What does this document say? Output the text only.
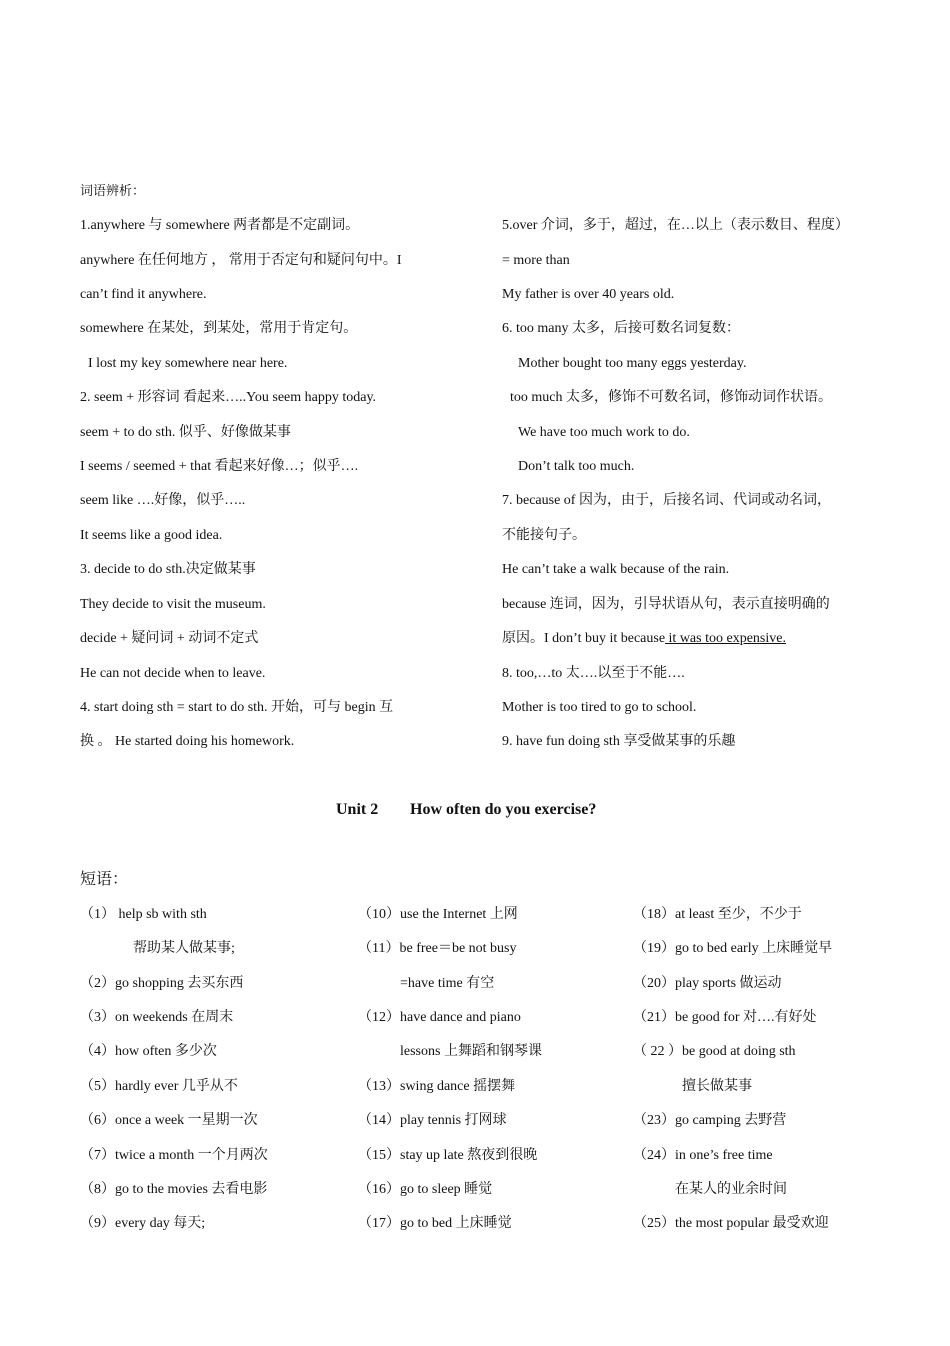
词语辨析：
1.anywhere 与 somewhere 两者都是不定副词。
anywhere 在任何地方 ， 常用于否定句和疑问句中。I
can’t find it anywhere.
somewhere 在某处，到某处，常用于肯定句。
I lost my key somewhere near here.
2. seem + 形容词 看起来…..You seem happy today.
seem + to do sth. 似乎、好像做某事
I seems / seemed + that 看起来好像…；似乎….
seem like ….好像，似乎…..
It seems like a good idea.
3. decide to do sth.决定做某事
They decide to visit the museum.
decide + 疑问词 + 动词不定式
He can not decide when to leave.
4. start doing sth = start to do sth. 开始，可与 begin 互
换 。 He started doing his homework.
5.over 介词，多于，超过，在…以上（表示数目、程度）
= more than
My father is over 40 years old.
6. too many 太多，后接可数名词复数：
Mother bought too many eggs yesterday.
too much 太多，修饰不可数名词，修饰动词作状语。
We have too much work to do.
Don’t talk too much.
7. because of 因为，由于，后接名词、代词或动名词，
不能接句子。
He can’t take a walk because of the rain.
because 连词，因为，引导状语从句，表示直接明确的
原因。I don’t buy it because it was too expensive.
8. too,…to 太….以至于不能….
Mother is too tired to go to school.
9. have fun doing sth 享受做某事的乐趣
Unit 2 How often do you exercise?
短语：
（1） help sb with sth
帮助某人做某事;
（2）go shopping 去买东西
（3）on weekends 在周末
（4）how often 多少次
（5）hardly ever 几乎从不
（6）once a week 一星期一次
（7）twice a month 一个月两次
（8）go to the movies 去看电影
（9）every day 每天;
（10）use the Internet 上网
（11）be free＝be not busy
=have time 有空
（12）have dance and piano
lessons 上舞蹈和钢琴课
（13）swing dance 摇摆舞
（14）play tennis 打网球
（15）stay up late 熬夜到很晚
（16）go to sleep 睡觉
（17）go to bed 上床睡觉
（18）at least 至少，不少于
（19）go to bed early 上床睡觉早
（20）play sports 做运动
（21）be good for 对….有好处
（ 22 ）be good at doing sth
擅长做某事
（23）go camping 去野营
（24）in one’s free time
在某人的业余时间
（25）the most popular 最受欢迎
